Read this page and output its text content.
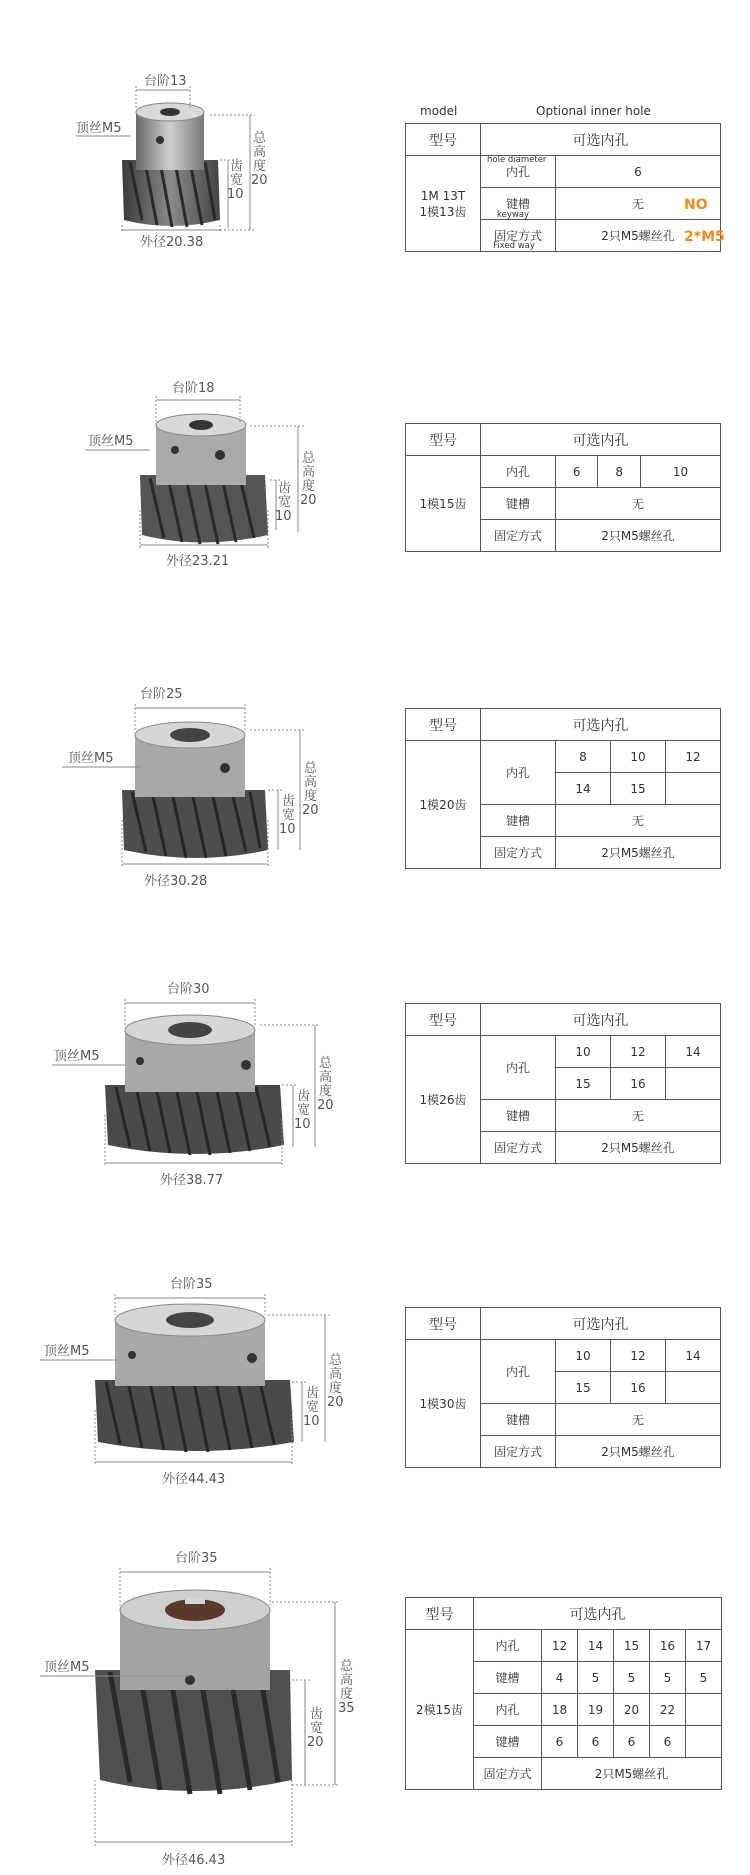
台阶13
外径20.38
顶丝M5
齿
宽
10
总
高
度
20
model	Optional inner hole
型号	可选内孔	
1M 13T
1模13齿	内孔	6
	键槽	无
	固定方式	2只M5螺丝孔
hole diameter
keyway
Fixed way
NO
2*M5
台阶18
外径23.21
顶丝M5
齿
宽
10
总
高
度
20
型号	可选内孔			
1模15齿	内孔	6	8	10
	键槽	无		
	固定方式	2只M5螺丝孔		
台阶25
外径30.28
顶丝M5
齿
宽
10
总
高
度
20
型号	可选内孔			
1模20齿	内孔	8	10	12
		14	15	
	键槽	无		
	固定方式	2只M5螺丝孔		
台阶30
外径38.77
顶丝M5
齿
宽
10
总
高
度
20
型号	可选内孔			
1模26齿	内孔	10	12	14
		15	16	
	键槽	无		
	固定方式	2只M5螺丝孔		
台阶35
外径44.43
顶丝M5
齿
宽
10
总
高
度
20
型号	可选内孔			
1模30齿	内孔	10	12	14
		15	16	
	键槽	无		
	固定方式	2只M5螺丝孔		
台阶35
外径46.43
顶丝M5
齿
宽
20
总
高
度
35
型号	可选内孔					
2模15齿	内孔	12	14	15	16	17
	键槽	4	5	5	5	5
	内孔	18	19	20	22	
	键槽	6	6	6	6	
	固定方式	2只M5螺丝孔				
